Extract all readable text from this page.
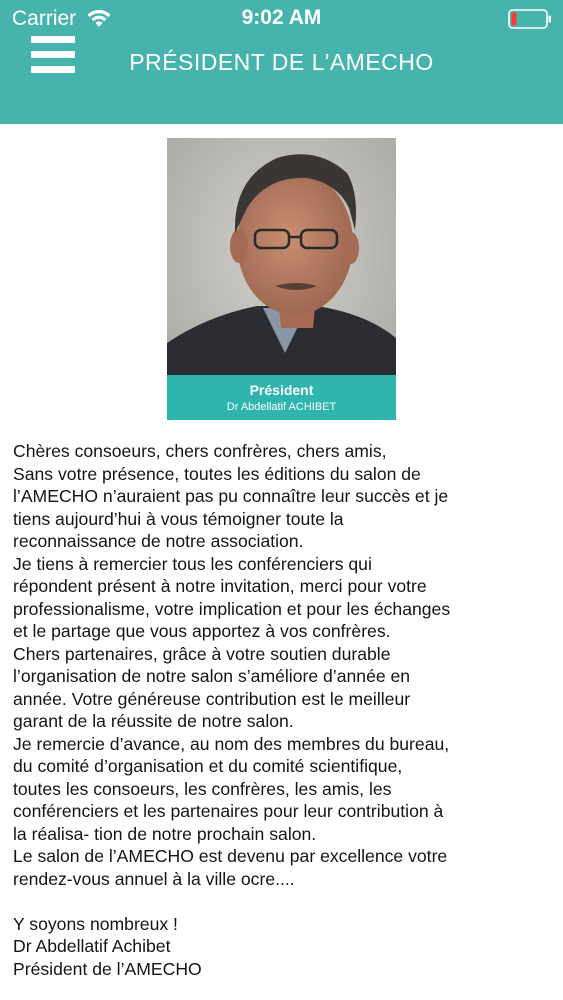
Carrier	9:02 AM
PRÉSIDENT DE L'AMECHO
Président
Dr Abdellatif ACHIBET
Chères consoeurs, chers confrères, chers amis,
Sans votre présence, toutes les éditions du salon de
l’AMECHO n’auraient pas pu connaître leur succès et je
tiens aujourd’hui à vous témoigner toute la
reconnaissance de notre association.
Je tiens à remercier tous les conférenciers qui
répondent présent à notre invitation, merci pour votre
professionalisme, votre implication et pour les échanges
et le partage que vous apportez à vos confrères.
Chers partenaires, grâce à votre soutien durable
l’organisation de notre salon s’améliore d’année en
année. Votre généreuse contribution est le meilleur
garant de la réussite de notre salon.
Je remercie d’avance, au nom des membres du bureau,
du comité d’organisation et du comité scientifique,
toutes les consoeurs, les confrères, les amis, les
conférenciers et les partenaires pour leur contribution à
la réalisa- tion de notre prochain salon.
Le salon de l’AMECHO est devenu par excellence votre
rendez-vous annuel à la ville ocre....
Y soyons nombreux !
Dr Abdellatif Achibet
Président de l’AMECHO
